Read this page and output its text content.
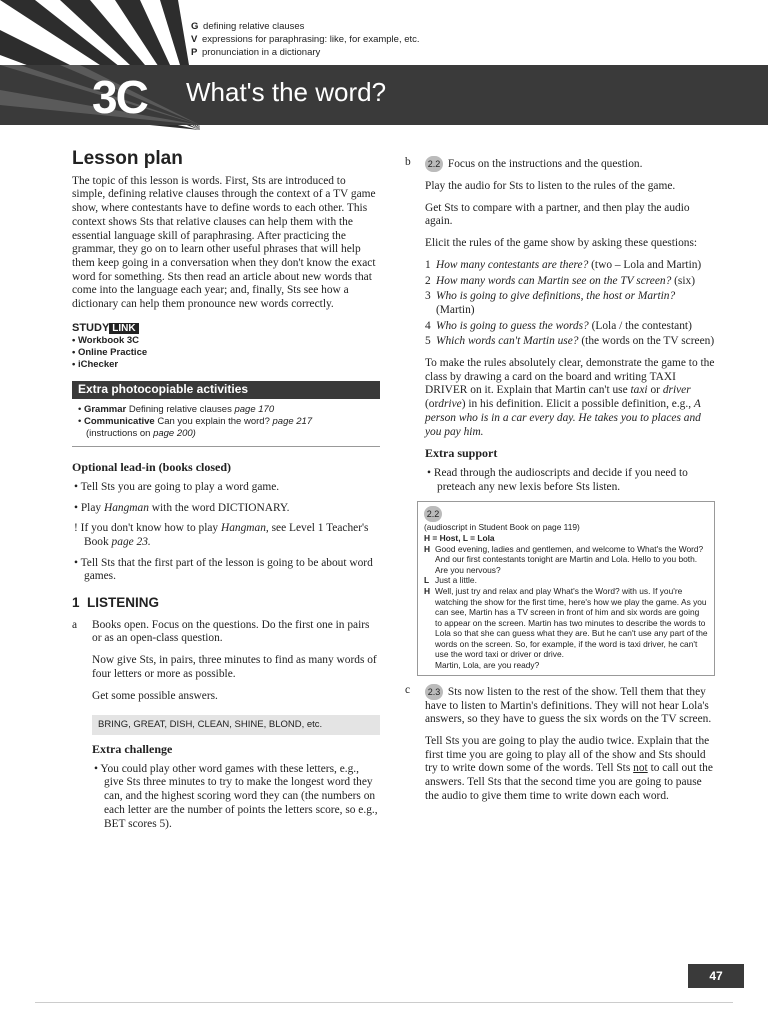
G defining relative clauses
V expressions for paraphrasing: like, for example, etc.
P pronunciation in a dictionary
3C What's the word?
Lesson plan

The topic of this lesson is words. First, Sts are introduced to simple, defining relative clauses through the context of a TV game show, where contestants have to define words to each other. This context shows Sts that relative clauses can help them with the essential language skill of paraphrasing. After practicing the grammar, they go on to learn other useful phrases that will help them keep going in a conversation when they don't know the exact word for something. Sts then read an article about new words that come into the language each year; and, finally, Sts see how a dictionary can help them pronounce new words correctly.

STUDY LINK
• Workbook 3C
• Online Practice
• iChecker
Extra photocopiable activities
• Grammar Defining relative clauses page 170
• Communicative Can you explain the word? page 217
(instructions on page 200)
Optional lead-in (books closed)
• Tell Sts you are going to play a word game.
• Play Hangman with the word DICTIONARY.
! If you don't know how to play Hangman, see Level 1 Teacher's Book page 23.
• Tell Sts that the first part of the lesson is going to be about word games.
1 LISTENING
a	Books open. Focus on the questions. Do the first one in pairs or as an open-class question.

Now give Sts, in pairs, three minutes to find as many words of four letters or more as possible.

Get some possible answers.

BRING, GREAT, DISH, CLEAN, SHINE, BLOND, etc.
Extra challenge
• You could play other word games with these letters, e.g., give Sts three minutes to try to make the longest word they can, and the highest scoring word they can (the numbers on each letter are the number of points the letters score, so e.g., BET scores 5).
b	2.2 Focus on the instructions and the question.

Play the audio for Sts to listen to the rules of the game.

Get Sts to compare with a partner, and then play the audio again.

Elicit the rules of the game show by asking these questions:

1 How many contestants are there? (two – Lola and Martin)
2 How many words can Martin see on the TV screen? (six)
3 Who is going to give definitions, the host or Martin? (Martin)
4 Who is going to guess the words? (Lola / the contestant)
5 Which words can't Martin use? (the words on the TV screen)

To make the rules absolutely clear, demonstrate the game to the class by drawing a card on the board and writing TAXI DRIVER on it. Explain that Martin can't use taxi or driver (ordrive) in his definition. Elicit a possible definition, e.g., A person who is in a car every day. He takes you to places and you pay him.

Extra support
• Read through the audioscripts and decide if you need to preteach any new lexis before Sts listen.
2.2
(audioscript in Student Book on page 119)
H = Host, L = Lola
H Good evening, ladies and gentlemen, and welcome to What's the Word? And our first contestants tonight are Martin and Lola. Hello to you both. Are you nervous?
L Just a little.
H Well, just try and relax and play What's the Word? with us. If you're watching the show for the first time, here's how we play the game. As you can see, Martin has a TV screen in front of him and six words are going to appear on the screen. Martin has two minutes to describe the words to Lola so that she can guess what they are. But he can't use any part of the words on the screen. So, for example, if the word is taxi driver, he can't use the word taxi or driver or drive.
Martin, Lola, are you ready?
c	2.3 Sts now listen to the rest of the show. Tell them that they have to listen to Martin's definitions. They will not hear Lola's answers, so they have to guess the six words on the TV screen.

Tell Sts you are going to play the audio twice. Explain that the first time you are going to play all of the show and Sts should try to write down some of the words. Tell Sts not to call out the answers. Tell Sts that the second time you are going to pause the audio to give them time to write down each word.

47
